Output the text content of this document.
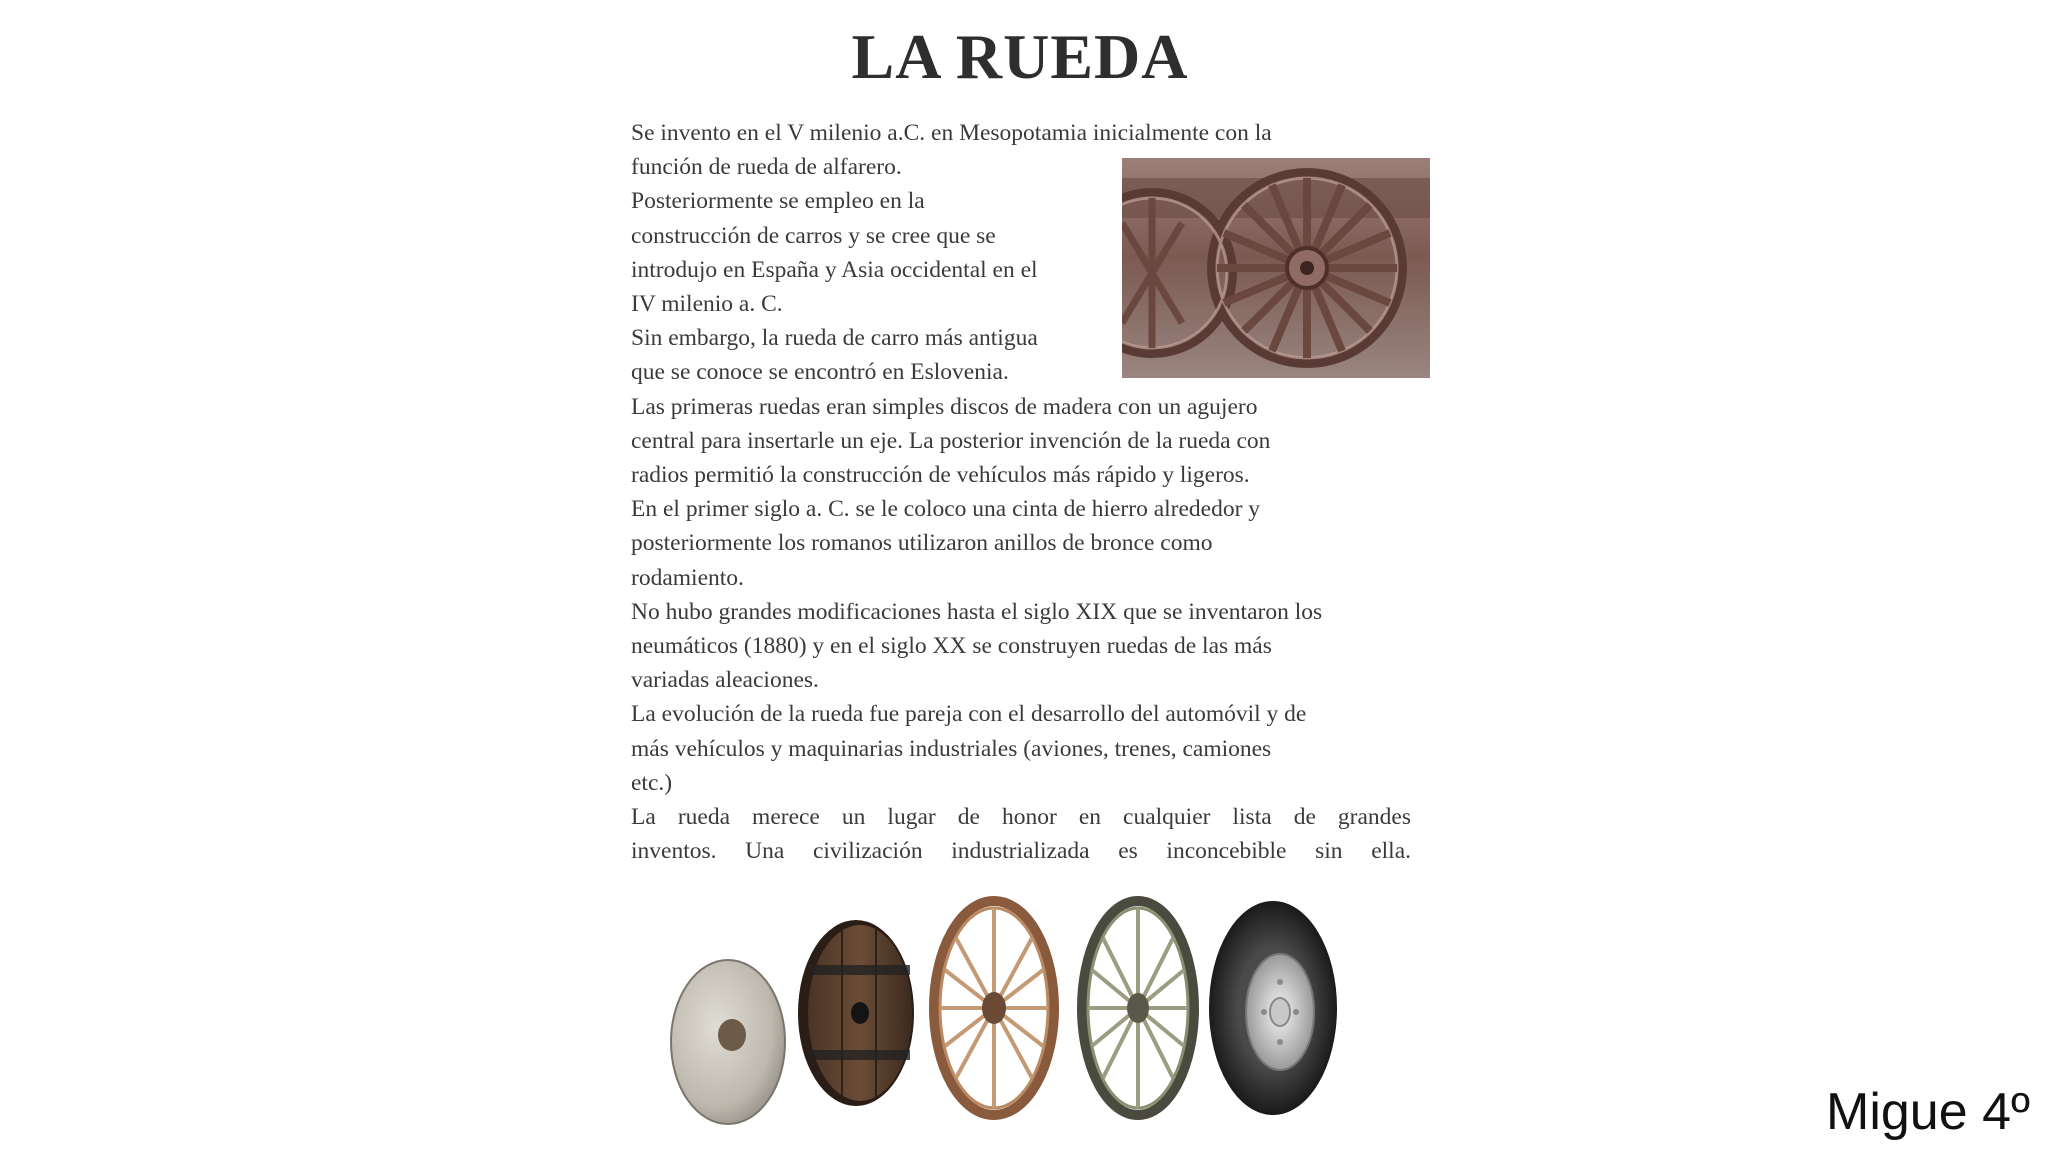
LA RUEDA

Se invento en el V milenio a.C. en Mesopotamia inicialmente con la

función de rueda de alfarero.

Posteriormente se empleo en la

construcción de carros y se cree que se

introdujo en España y Asia occidental en el

IV milenio a. C.

Sin embargo, la rueda de carro más antigua

que se conoce se encontró en Eslovenia.

Las primeras ruedas eran simples discos de madera con un agujero

central para insertarle un eje. La posterior invención de la rueda con

radios permitió la construcción de vehículos más rápido y ligeros.

En el primer siglo a. C. se le coloco una cinta de hierro alrededor y

posteriormente los romanos utilizaron anillos de bronce como

rodamiento.

No hubo grandes modificaciones hasta el siglo XIX que se inventaron los

neumáticos (1880) y en el siglo XX se construyen ruedas de las más

variadas aleaciones.

La evolución de la rueda fue pareja con el desarrollo del automóvil y de

más vehículos y maquinarias industriales (aviones, trenes, camiones

etc.)

La rueda merece un lugar de honor en cualquier lista de grandes

inventos. Una civilización industrializada es inconcebible sin ella.

Migue 4º
